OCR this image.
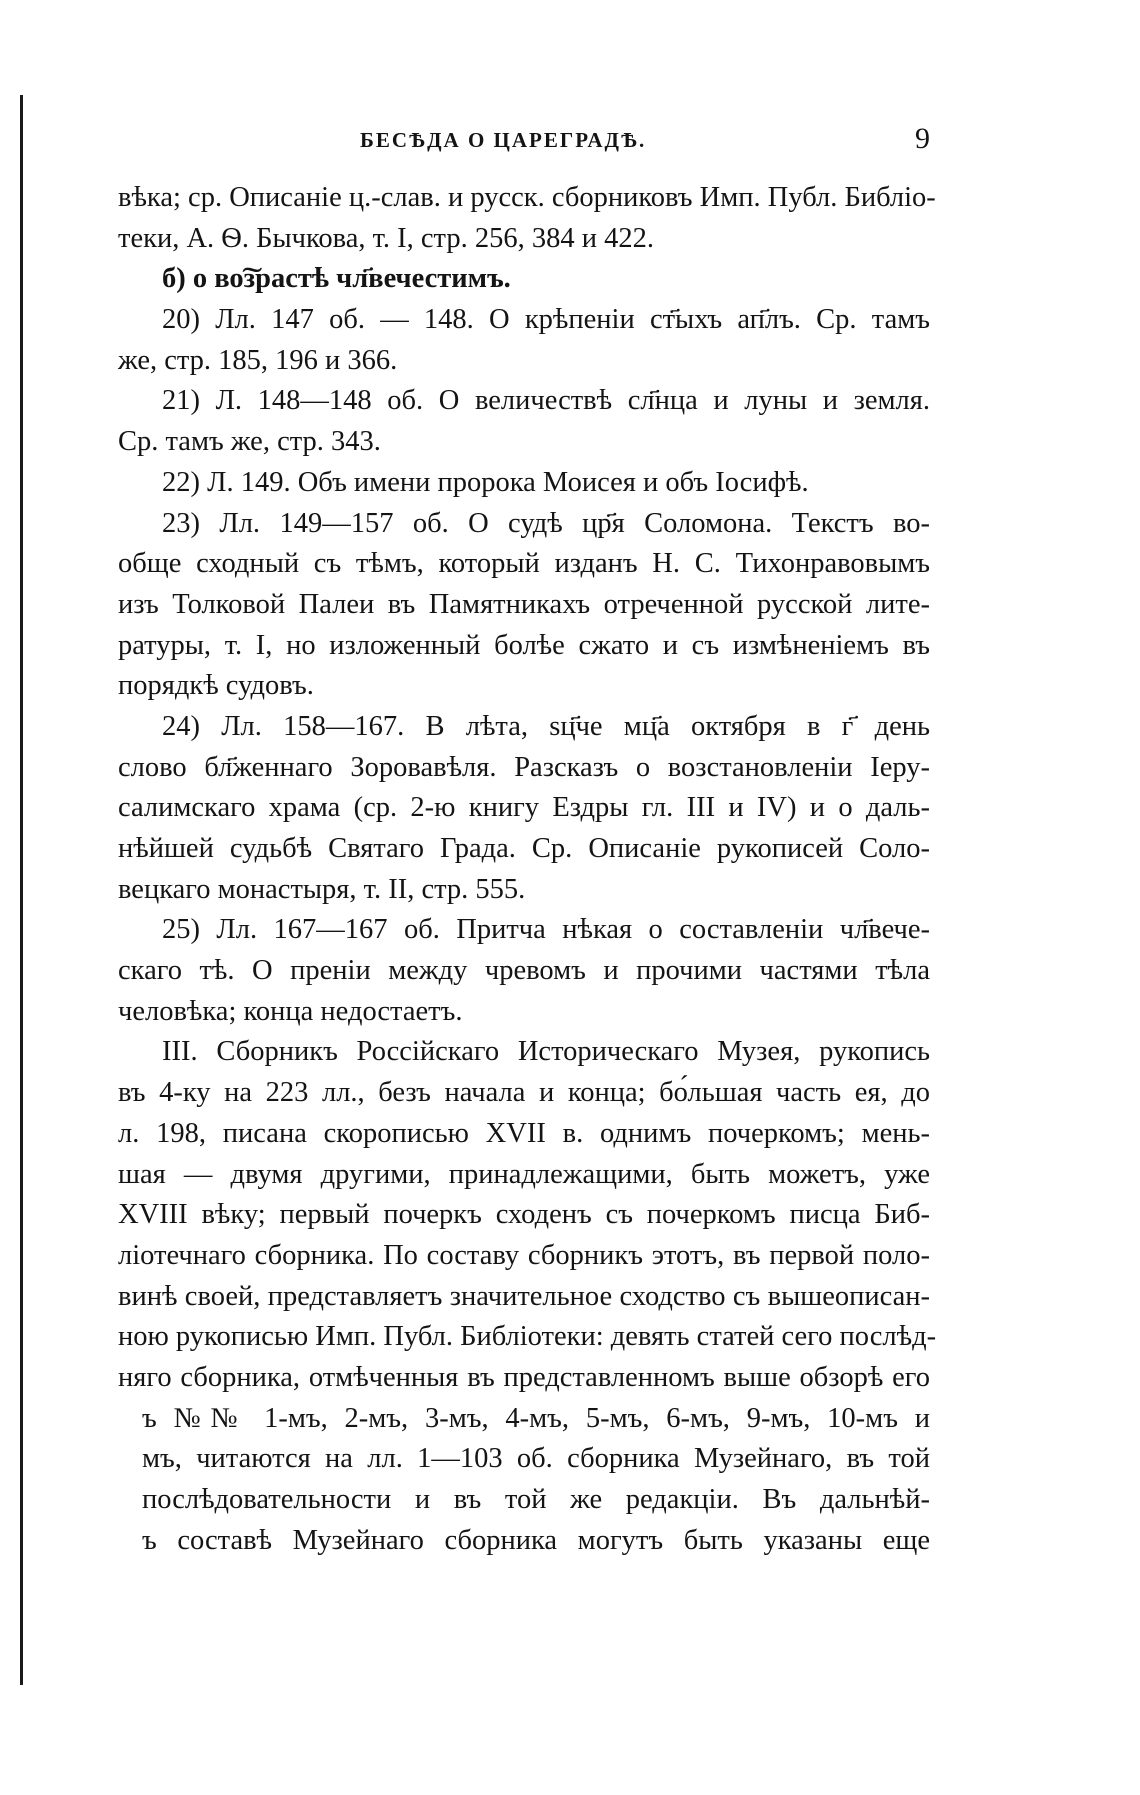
БЕСѢДА О ЦАРЕГРАДѢ.	9
вѣка; ср. Описаніе ц.-слав. и русск. сборниковъ Имп. Публ. Библіо-
теки, А. Ѳ. Бычкова, т. I, стр. 256, 384 и 422.
б) о во͠зрастѣ чл҃вечестимъ.
20) Лл. 147 об. — 148. О крѣпеніи ст҃ыхъ ап҃лъ. Ср. тамъ
же, стр. 185, 196 и 366.
21) Л. 148—148 об. О величествѣ сл҃нца и луны и земля.
Ср. тамъ же, стр. 343.
22) Л. 149. Объ имени пророка Моисея и объ Іосифѣ.
23) Лл. 149—157 об. О судѣ цр҃я Соломона. Текстъ во-
обще сходный съ тѣмъ, который изданъ Н. С. Тихонравовымъ
изъ Толковой Палеи въ Памятникахъ отреченной русской лите-
ратуры, т. I, но изложенный болѣе сжато и съ измѣненіемъ въ
порядкѣ судовъ.
24) Лл. 158—167. В лѣта, ѕц҃че мц҃а октября в г҃ день
слово бл҃женнаго Зоровавѣля. Разсказъ о возстановленіи Іеру-
салимскаго храма (ср. 2-ю книгу Ездры гл. III и IV) и о даль-
нѣйшей судьбѣ Святаго Града. Ср. Описаніе рукописей Соло-
вецкаго монастыря, т. II, стр. 555.
25) Лл. 167—167 об. Притча нѣкая о составленіи чл҃вече-
скаго тѣ. О преніи между чревомъ и прочими частями тѣла
человѣка; конца недостаетъ.
III. Сборникъ Россійскаго Историческаго Музея, рукопись
въ 4-ку на 223 лл., безъ начала и конца; бо́льшая часть ея, до
л. 198, писана скорописью XVII в. однимъ почеркомъ; мень-
шая — двумя другими, принадлежащими, быть можетъ, уже
XVIII вѣку; первый почеркъ сходенъ съ почеркомъ писца Биб-
ліотечнаго сборника. По составу сборникъ этотъ, въ первой поло-
винѣ своей, представляетъ значительное сходство съ вышеописан-
ною рукописью Имп. Публ. Библіотеки: девять статей сего послѣд-
няго сборника, отмѣченныя въ представленномъ выше обзорѣ его
ъ №№ 1-мъ, 2-мъ, 3-мъ, 4-мъ, 5-мъ, 6-мъ, 9-мъ, 10-мъ и
мъ, читаются на лл. 1—103 об. сборника Музейнаго, въ той
послѣдовательности и въ той же редакціи. Въ дальнѣй-
ъ составѣ Музейнаго сборника могутъ быть указаны еще
